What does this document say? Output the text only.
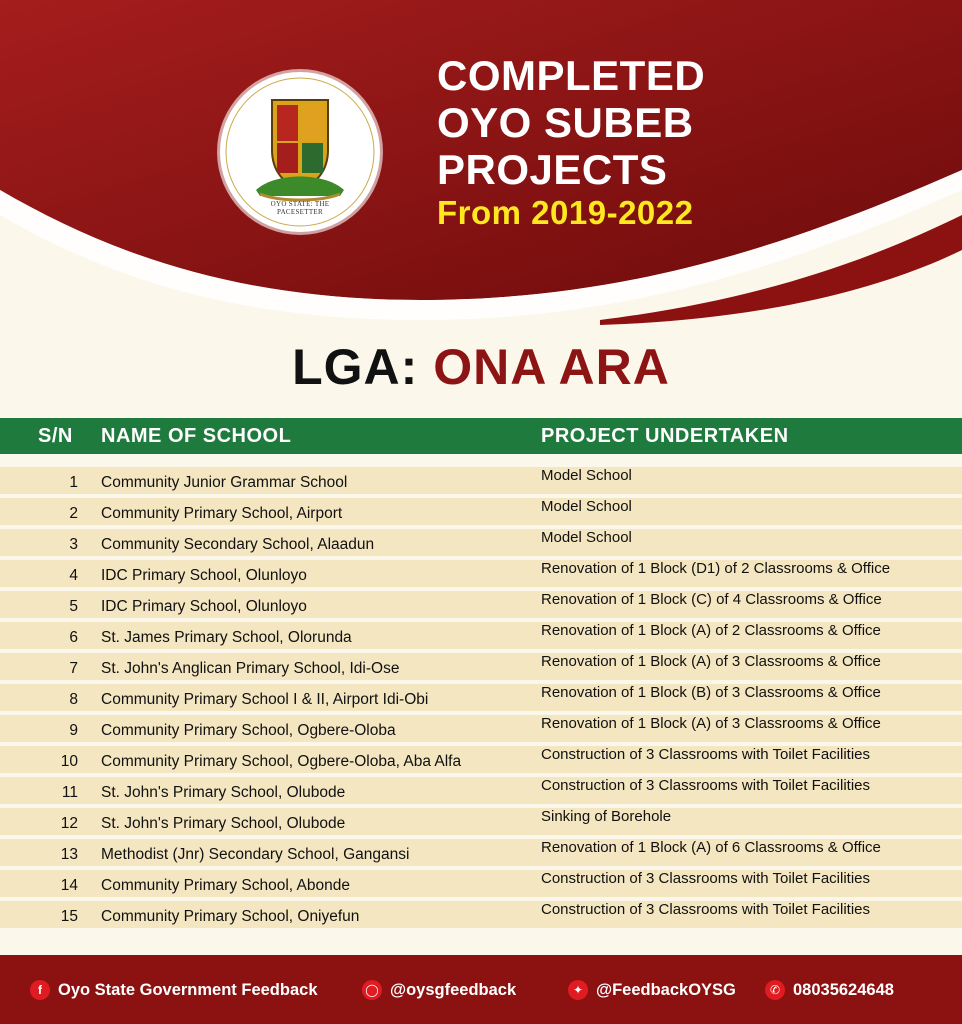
OYO STATE: THE PACESETTER
COMPLETED
OYO SUBEB
PROJECTS
From 2019-2022
LGA: ONA ARA
S/N NAME OF SCHOOL	PROJECT UNDERTAKEN
1 Community Junior Grammar School	Model School
2 Community Primary School, Airport	Model School
3 Community Secondary School, Alaadun	Model School
4 IDC Primary School, Olunloyo	Renovation of 1 Block (D1) of 2 Classrooms & Office
5 IDC Primary School, Olunloyo	Renovation of 1 Block (C) of 4 Classrooms & Office
6 St. James Primary School, Olorunda	Renovation of 1 Block (A) of 2 Classrooms & Office
7 St. John's Anglican Primary School, Idi-Ose	Renovation of 1 Block (A) of 3 Classrooms & Office
8 Community Primary School I & II, Airport Idi-Obi	Renovation of 1 Block (B) of 3 Classrooms & Office
9 Community Primary School, Ogbere-Oloba	Renovation of 1 Block (A) of 3 Classrooms & Office
10 Community Primary School, Ogbere-Oloba, Aba Alfa	Construction of 3 Classrooms with Toilet Facilities
11 St. John's Primary School, Olubode	Construction of 3 Classrooms with Toilet Facilities
12 St. John's Primary School, Olubode	Sinking of Borehole
13 Methodist (Jnr) Secondary School, Gangansi	Renovation of 1 Block (A) of 6 Classrooms & Office
14 Community Primary School, Abonde	Construction of 3 Classrooms with Toilet Facilities
15 Community Primary School, Oniyefun	Construction of 3 Classrooms with Toilet Facilities
f Oyo State Government Feedback	◯ @oysgfeedback	✦ @FeedbackOYSG	✆ 08035624648
